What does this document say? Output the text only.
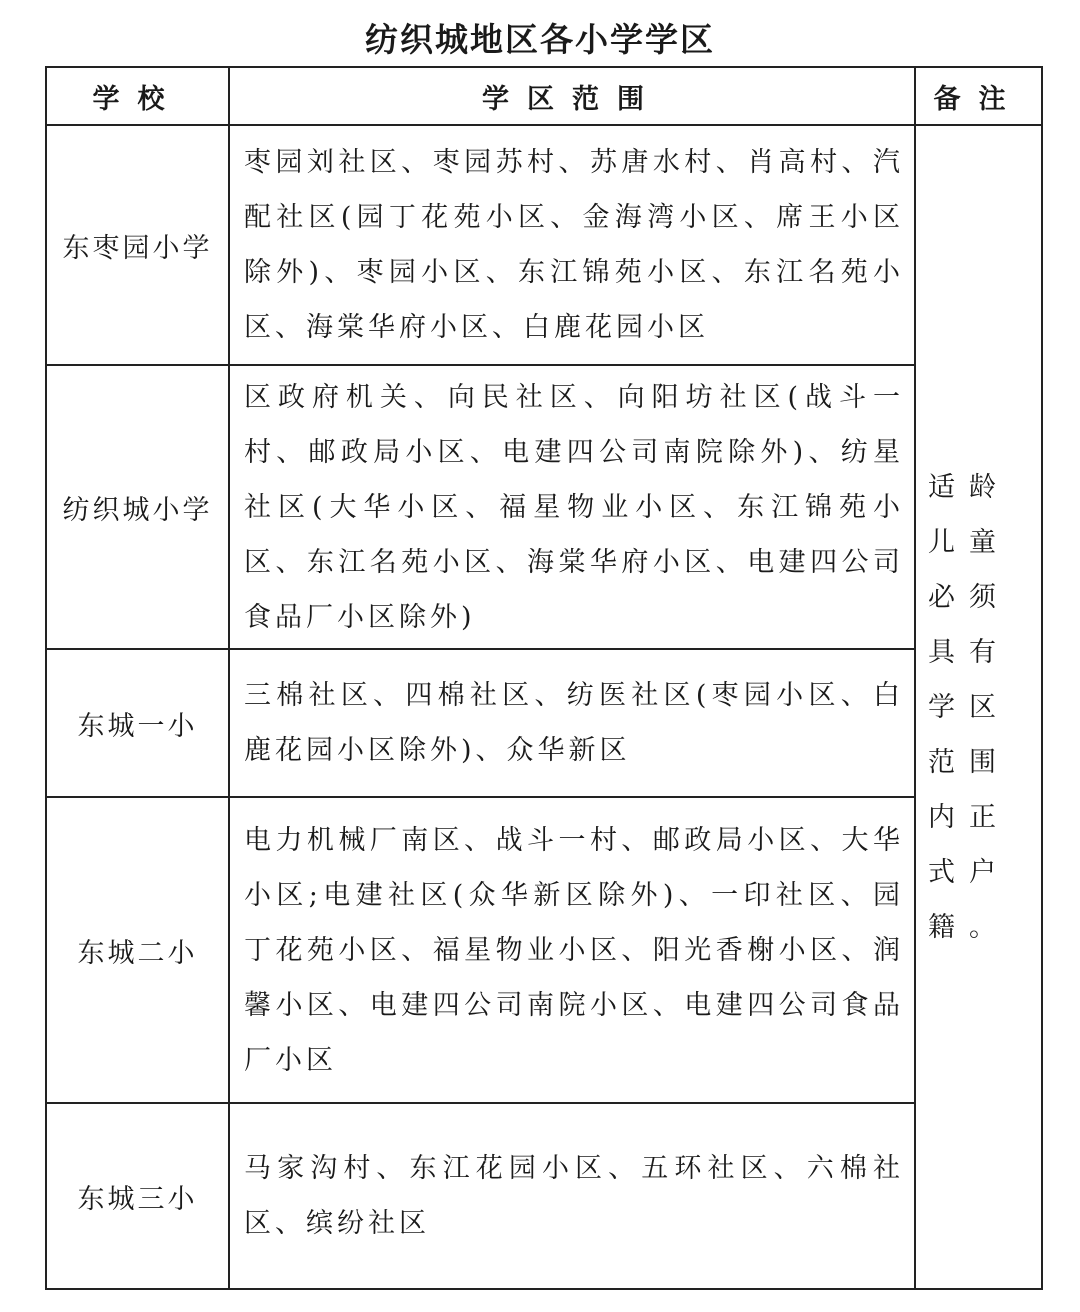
纺织城地区各小学学区
学校	学区范围	备注
东枣园小学	枣园刘社区、枣园苏村、苏唐水村、肖高村、汽配社区(园丁花苑小区、金海湾小区、席王小区除外)、枣园小区、东江锦苑小区、东江名苑小区、海棠华府小区、白鹿花园小区	适龄儿童必须具有学区范围内正式户籍。
纺织城小学	区政府机关、向民社区、向阳坊社区(战斗一村、邮政局小区、电建四公司南院除外)、纺星社区(大华小区、福星物业小区、东江锦苑小区、东江名苑小区、海棠华府小区、电建四公司食品厂小区除外)	
东城一小	三棉社区、四棉社区、纺医社区(枣园小区、白鹿花园小区除外)、众华新区	
东城二小	电力机械厂南区、战斗一村、邮政局小区、大华小区;电建社区(众华新区除外)、一印社区、园丁花苑小区、福星物业小区、阳光香榭小区、润馨小区、电建四公司南院小区、电建四公司食品厂小区	
东城三小	马家沟村、东江花园小区、五环社区、六棉社区、缤纷社区	
